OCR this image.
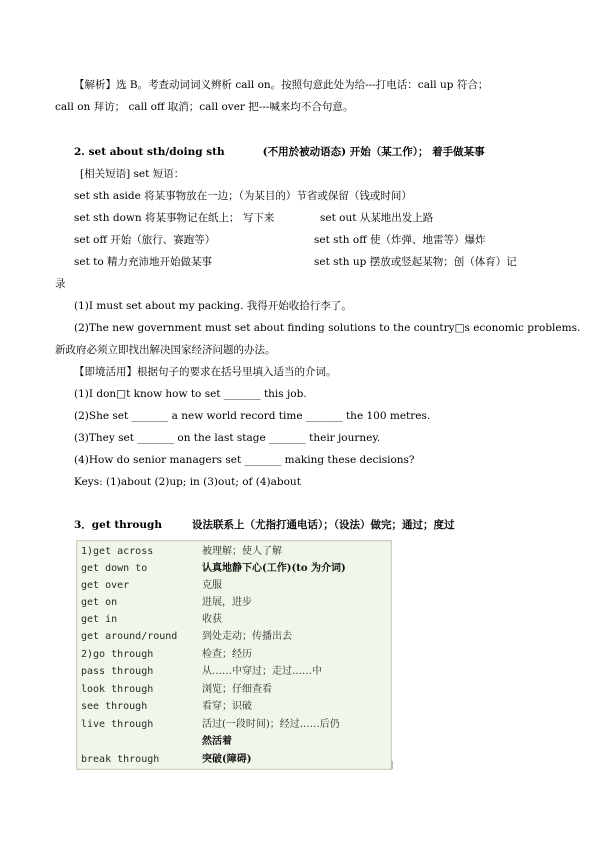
【解析】选 B。考查动词词义辨析 call on。按照句意此处为给---打电话：call up 符合；
call on 拜访； call off 取消；call over 把---喊来均不合句意。
2. set about sth/doing sth	(不用於被动语态) 开始（某工作）； 着手做某事
[相关短语] set 短语：
set sth aside 将某事物放在一边；（为某目的）节省或保留（钱或时间）
set sth down 将某事物记在纸上； 写下来	set out 从某地出发上路
set off 开始（旅行、赛跑等）	set sth off 使（炸弹、地雷等）爆炸
set to 精力充沛地开始做某事	set sth up 摆放或竖起某物；创（体育）记
录
(1)I must set about my packing. 我得开始收拾行李了。
(2)The new government must set about finding solutions to the country□s economic problems.
新政府必须立即找出解决国家经济问题的办法。
【即境活用】根据句子的要求在括号里填入适当的介词。
(1)I don□t know how to set _______ this job.
(2)She set _______ a new world record time _______ the 100 metres.
(3)They set _______ on the last stage _______ their journey.
(4)How do senior managers set _______ making these decisions?
Keys: (1)about (2)up; in (3)out; of (4)about
3．get through	设法联系上（尤指打通电话）；（设法）做完；通过；度过
1)get across	被理解；使人了解
get down to	认真地静下心(工作)(to 为介词)
get over	克服
get on	进展，进步
get in	收获
get around/round	到处走动；传播出去
2)go through	检查；经历
pass through	从……中穿过；走过……中
look through	浏览；仔细查看
see through	看穿；识破
live through	活过(一段时间)；经过……后仍
然活着
break through	突破(障碍)
